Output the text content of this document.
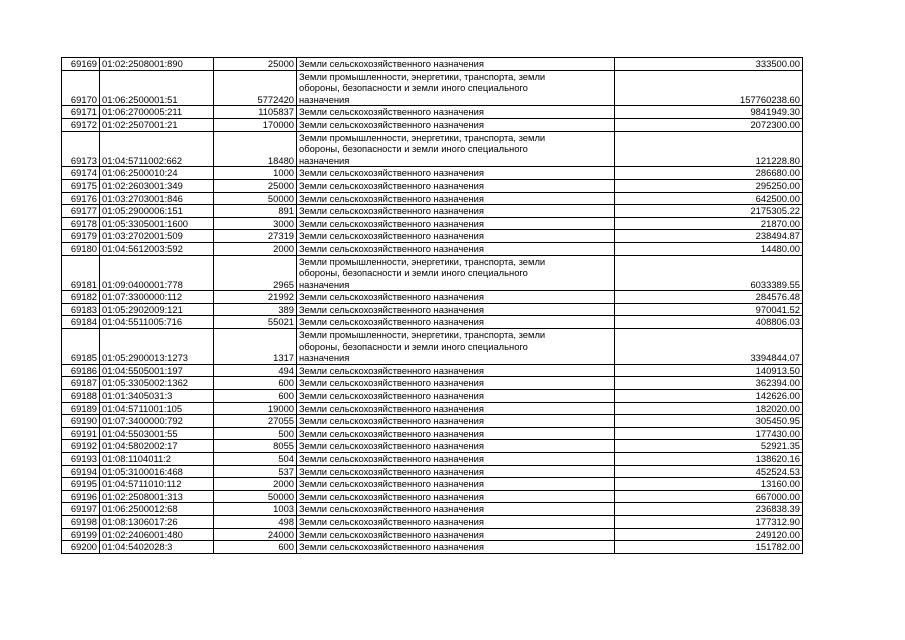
69169	01:02:2508001:890	25000	Земли сельскохозяйственного назначения	333500.00
69170	01:06:2500001:51	5772420	Земли промышленности, энергетики, транспорта, земли
обороны, безопасности и земли иного специального
назначения	157760238.60
69171	01:06:2700005:211	1105837	Земли сельскохозяйственного назначения	9841949.30
69172	01:02:2507001:21	170000	Земли сельскохозяйственного назначения	2072300.00
69173	01:04:5711002:662	18480	Земли промышленности, энергетики, транспорта, земли
обороны, безопасности и земли иного специального
назначения	121228.80
69174	01:06:2500010:24	1000	Земли сельскохозяйственного назначения	286680.00
69175	01:02:2603001:349	25000	Земли сельскохозяйственного назначения	295250.00
69176	01:03:2703001:846	50000	Земли сельскохозяйственного назначения	642500.00
69177	01:05:2900006:151	891	Земли сельскохозяйственного назначения	2175305.22
69178	01:05:3305001:1600	3000	Земли сельскохозяйственного назначения	21870.00
69179	01:03:2702001:509	27319	Земли сельскохозяйственного назначения	238494.87
69180	01:04:5612003:592	2000	Земли сельскохозяйственного назначения	14480.00
69181	01:09:0400001:778	2965	Земли промышленности, энергетики, транспорта, земли
обороны, безопасности и земли иного специального
назначения	6033389.55
69182	01:07:3300000:112	21992	Земли сельскохозяйственного назначения	284576.48
69183	01:05:2902009:121	389	Земли сельскохозяйственного назначения	970041.52
69184	01:04:5511005:716	55021	Земли сельскохозяйственного назначения	408806.03
69185	01:05:2900013:1273	1317	Земли промышленности, энергетики, транспорта, земли
обороны, безопасности и земли иного специального
назначения	3394844.07
69186	01:04:5505001:197	494	Земли сельскохозяйственного назначения	140913.50
69187	01:05:3305002:1362	600	Земли сельскохозяйственного назначения	362394.00
69188	01:01:3405031:3	600	Земли сельскохозяйственного назначения	142626.00
69189	01:04:5711001:105	19000	Земли сельскохозяйственного назначения	182020.00
69190	01:07:3400000:792	27055	Земли сельскохозяйственного назначения	305450.95
69191	01:04:5503001:55	500	Земли сельскохозяйственного назначения	177430.00
69192	01:04:5802002:17	8055	Земли сельскохозяйственного назначения	52921.35
69193	01:08:1104011:2	504	Земли сельскохозяйственного назначения	138620.16
69194	01:05:3100016:468	537	Земли сельскохозяйственного назначения	452524.53
69195	01:04:5711010:112	2000	Земли сельскохозяйственного назначения	13160.00
69196	01:02:2508001:313	50000	Земли сельскохозяйственного назначения	667000.00
69197	01:06:2500012:68	1003	Земли сельскохозяйственного назначения	236838.39
69198	01:08:1306017:26	498	Земли сельскохозяйственного назначения	177312.90
69199	01:02:2406001:480	24000	Земли сельскохозяйственного назначения	249120.00
69200	01:04:5402028:3	600	Земли сельскохозяйственного назначения	151782.00
